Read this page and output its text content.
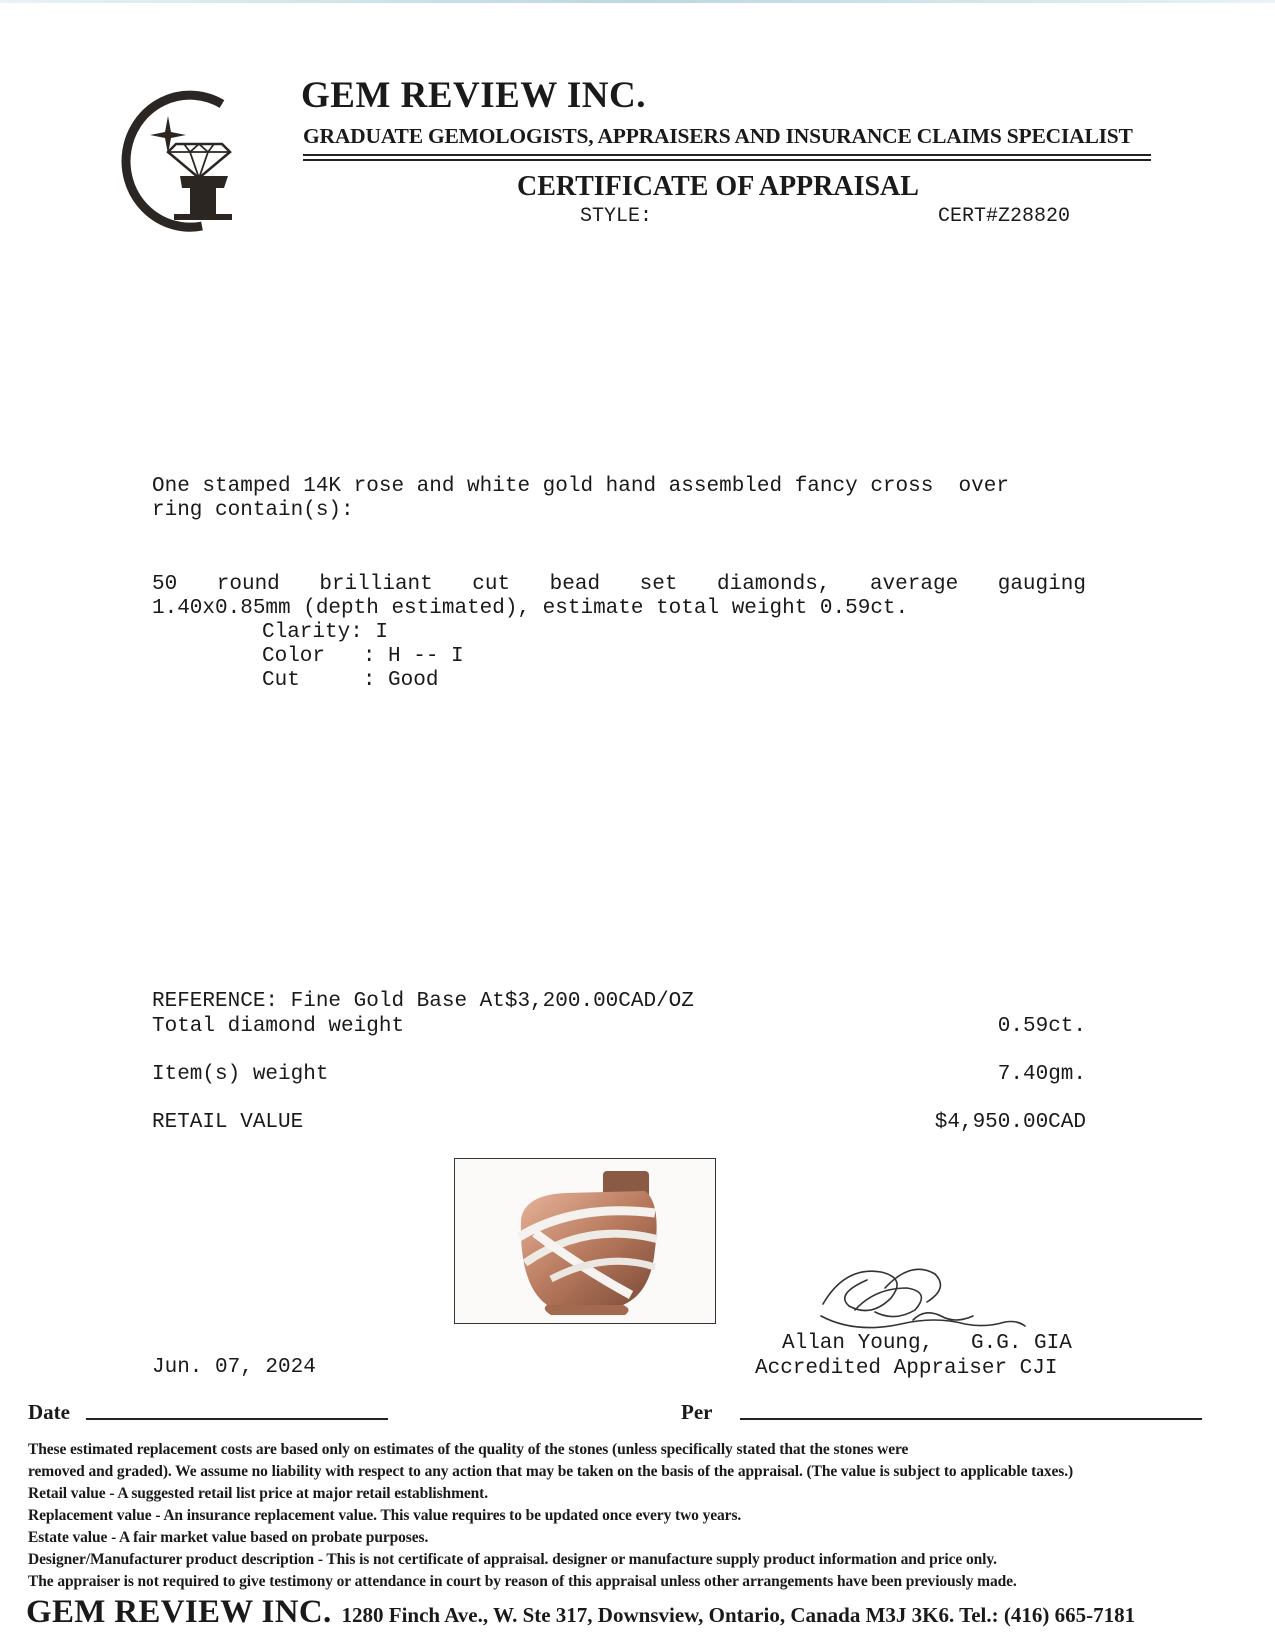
GEM REVIEW INC.
GRADUATE GEMOLOGISTS, APPRAISERS AND INSURANCE CLAIMS SPECIALIST
CERTIFICATE OF APPRAISAL
STYLE:	CERT#Z28820
One stamped 14K rose and white gold hand assembled fancy cross  over
ring contain(s):
50 round brilliant cut bead set diamonds, average gauging
1.40x0.85mm (depth estimated), estimate total weight 0.59ct.
Clarity: I
Color   : H -- I
Cut     : Good
REFERENCE: Fine Gold Base At$3,200.00CAD/OZ
Total diamond weight	0.59ct.
Item(s) weight	7.40gm.
RETAIL VALUE	$4,950.00CAD
Allan Young,   G.G. GIA
Accredited Appraiser CJI
Jun. 07, 2024
Date	Per
These estimated replacement costs are based only on estimates of the quality of the stones (unless specifically stated that the stones were
removed and graded). We assume no liability with respect to any action that may be taken on the basis of the appraisal. (The value is subject to applicable taxes.)
Retail value - A suggested retail list price at major retail establishment.
Replacement value - An insurance replacement value. This value requires to be updated once every two years.
Estate value - A fair market value based on probate purposes.
Designer/Manufacturer product description - This is not certificate of appraisal. designer or manufacture supply product information and price only.
The appraiser is not required to give testimony or attendance in court by reason of this appraisal unless other arrangements have been previously made.
GEM REVIEW INC. 1280 Finch Ave., W. Ste 317, Downsview, Ontario, Canada M3J 3K6. Tel.: (416) 665-7181
